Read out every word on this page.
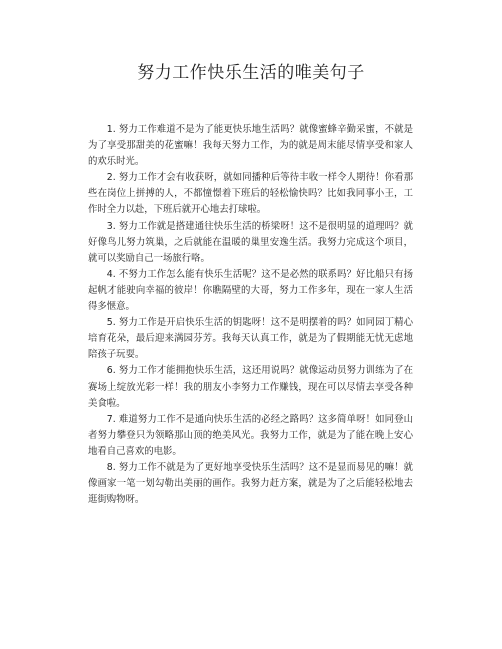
努力工作快乐生活的唯美句子

1. 努力工作难道不是为了能更快乐地生活吗？就像蜜蜂辛勤采蜜，不就是为了享受那甜美的花蜜嘛！我每天努力工作，为的就是周末能尽情享受和家人的欢乐时光。

2. 努力工作才会有收获呀，就如同播种后等待丰收一样令人期待！你看那些在岗位上拼搏的人，不都憧憬着下班后的轻松愉快吗？比如我同事小王，工作时全力以赴，下班后就开心地去打球啦。

3. 努力工作就是搭建通往快乐生活的桥梁呀！这不是很明显的道理吗？就好像鸟儿努力筑巢，之后就能在温暖的巢里安逸生活。我努力完成这个项目，就可以奖励自己一场旅行咯。

4. 不努力工作怎么能有快乐生活呢？这不是必然的联系吗？好比船只有扬起帆才能驶向幸福的彼岸！你瞧隔壁的大哥，努力工作多年，现在一家人生活得多惬意。

5. 努力工作是开启快乐生活的钥匙呀！这不是明摆着的吗？如同园丁精心培育花朵，最后迎来满园芬芳。我每天认真工作，就是为了假期能无忧无虑地陪孩子玩耍。

6. 努力工作才能拥抱快乐生活，这还用说吗？就像运动员努力训练为了在赛场上绽放光彩一样！我的朋友小李努力工作赚钱，现在可以尽情去享受各种美食啦。

7. 难道努力工作不是通向快乐生活的必经之路吗？这多简单呀！如同登山者努力攀登只为领略那山顶的绝美风光。我努力工作，就是为了能在晚上安心地看自己喜欢的电影。

8. 努力工作不就是为了更好地享受快乐生活吗？这不是显而易见的嘛！就像画家一笔一划勾勒出美丽的画作。我努力赶方案，就是为了之后能轻松地去逛街购物呀。
